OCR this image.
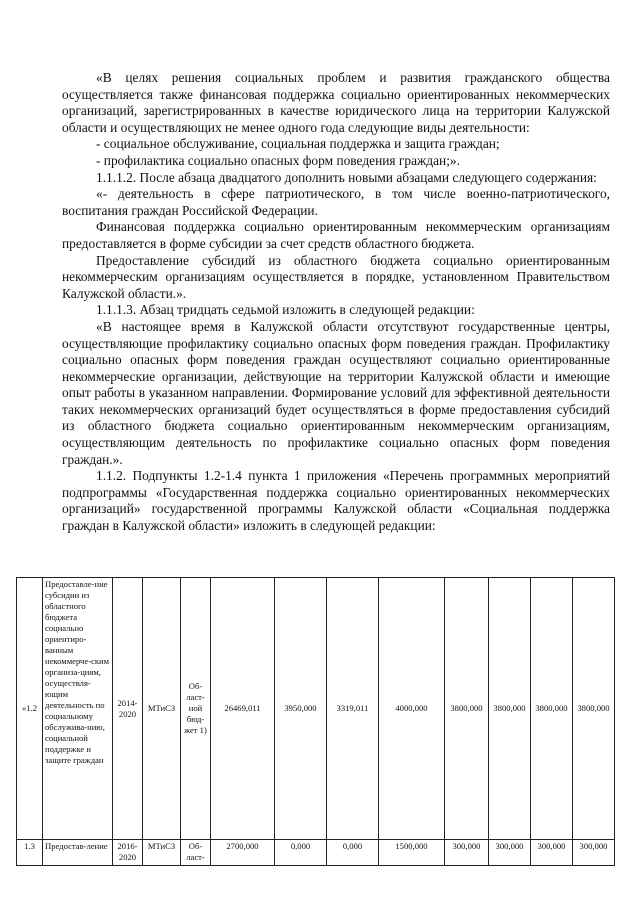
«В целях решения социальных проблем и развития гражданского общества осуществляется также финансовая поддержка социально ориентированных некоммерческих организаций, зарегистрированных в качестве юридического лица на территории Калужской области и осуществляющих не менее одного года следующие виды деятельности:

- социальное обслуживание, социальная поддержка и защита граждан;

- профилактика социально опасных форм поведения граждан;».

1.1.1.2. После абзаца двадцатого дополнить новыми абзацами следующего содержания:

«- деятельность в сфере патриотического, в том числе военно-патриотического, воспитания граждан Российской Федерации.

Финансовая поддержка социально ориентированным некоммерческим организациям предоставляется в форме субсидии за счет средств областного бюджета.

Предоставление субсидий из областного бюджета социально ориентированным некоммерческим организациям осуществляется в порядке, установленном Правительством Калужской области.».

1.1.1.3. Абзац тридцать седьмой изложить в следующей редакции:

«В настоящее время в Калужской области отсутствуют государственные центры, осуществляющие профилактику социально опасных форм поведения граждан. Профилактику социально опасных форм поведения граждан осуществляют социально ориентированные некоммерческие организации, действующие на территории Калужской области и имеющие опыт работы в указанном направлении. Формирование условий для эффективной деятельности таких некоммерческих организаций будет осуществляться в форме предоставления субсидий из областного бюджета социально ориентированным некоммерческим организациям, осуществляющим деятельность по профилактике социально опасных форм поведения граждан.».

1.1.2. Подпункты 1.2-1.4 пункта 1 приложения «Перечень программных мероприятий подпрограммы «Государственная поддержка социально ориентированных некоммерческих организаций» государственной программы Калужской области «Социальная поддержка граждан в Калужской области» изложить в следующей редакции:

«1.2	Предоставле-ние субсидии из областного бюджета социально ориентиро-ванным некоммерче-ским организа-циям, осуществля-ющим деятельность по социальному обслужива-нию, социальной поддержке и защите граждан	2014-2020	МТиСЗ	Об-ласт-ной бюд-жет 1)	26469,011	3950,000	3319,011	4000,000	3800,000	3800,000	3800,000	3800,000
1.3	Предостав-ление	2016-2020	МТиСЗ	Об-ласт-	2700,000	0,000	0,000	1500,000	300,000	300,000	300,000	300,000
